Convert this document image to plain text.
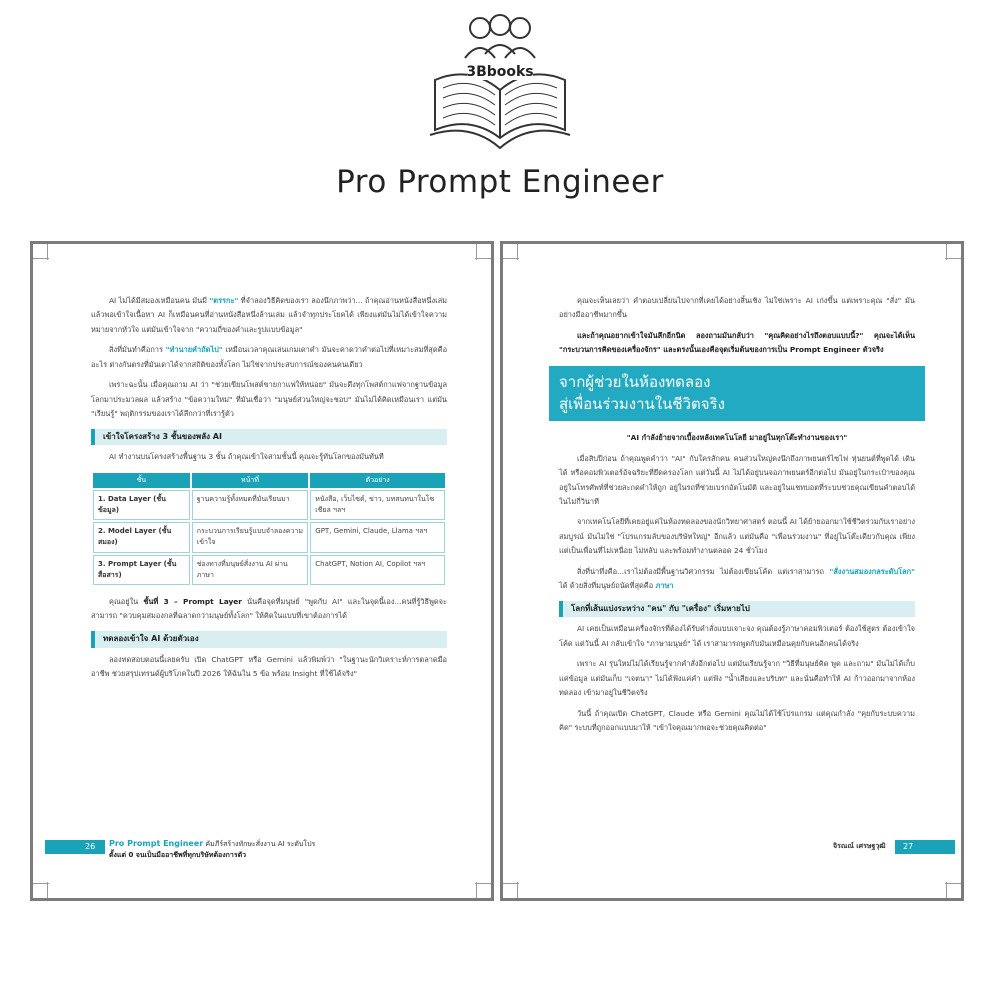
3Bbooks
Pro Prompt Engineer

AI ไม่ได้มีสมองเหมือนคน มันมี "ตรรกะ" ที่จำลองวิธีคิดของเรา ลองนึกภาพว่า... ถ้าคุณอ่านหนังสือหนึ่งเล่มแล้วพอเข้าใจเนื้อหา AI ก็เหมือนคนที่อ่านหนังสือหนึ่งล้านเล่ม แล้วจำทุกประโยคได้ เพียงแต่มันไม่ได้เข้าใจความหมายจากหัวใจ แต่มันเข้าใจจาก "ความถี่ของคำและรูปแบบข้อมูล"

สิ่งที่มันทำคือการ "ทำนายคำถัดไป" เหมือนเวลาคุณเล่นเกมเดาคำ มันจะคาดว่าคำต่อไปที่เหมาะสมที่สุดคืออะไร ต่างกันตรงที่มันเดาได้จากสถิติของทั้งโลก ไม่ใช่จากประสบการณ์ของคนคนเดียว

เพราะฉะนั้น เมื่อคุณถาม AI ว่า "ช่วยเขียนโพสต์ขายกาแฟให้หน่อย" มันจะดึงทุกโพสต์กาแฟจากฐานข้อมูลโลกมาประมวลผล แล้วสร้าง "ข้อความใหม่" ที่มันเชื่อว่า "มนุษย์ส่วนใหญ่จะชอบ" มันไม่ได้คิดเหมือนเรา แต่มัน "เรียนรู้" พฤติกรรมของเราได้ลึกกว่าที่เรารู้ตัว

เข้าใจโครงสร้าง 3 ชั้นของพลัง AI

AI ทำงานบนโครงสร้างพื้นฐาน 3 ชั้น ถ้าคุณเข้าใจสามชั้นนี้ คุณจะรู้ทันโลกของมันทันที

ชั้น	หน้าที่	ตัวอย่าง
1. Data Layer (ชั้นข้อมูล)	ฐานความรู้ทั้งหมดที่มันเรียนมา	หนังสือ, เว็บไซต์, ข่าว, บทสนทนาในโซเชียล ฯลฯ
2. Model Layer (ชั้นสมอง)	กระบวนการเรียนรู้แบบจำลองความเข้าใจ	GPT, Gemini, Claude, Llama ฯลฯ
3. Prompt Layer (ชั้นสื่อสาร)	ช่องทางที่มนุษย์สั่งงาน AI ผ่านภาษา	ChatGPT, Notion AI, Copilot ฯลฯ

คุณอยู่ใน ชั้นที่ 3 – Prompt Layer นั่นคือจุดที่มนุษย์ "พูดกับ AI" และในจุดนี้เอง...คนที่รู้วิธีพูดจะสามารถ "ควบคุมสมองกลที่ฉลาดกว่ามนุษย์ทั้งโลก" ให้คิดในแบบที่เขาต้องการได้

ทดลองเข้าใจ AI ด้วยตัวเอง

ลองทดสอบตอนนี้เลยครับ เปิด ChatGPT หรือ Gemini แล้วพิมพ์ว่า "ในฐานะนักวิเคราะห์การตลาดมืออาชีพ ช่วยสรุปเทรนด์ผู้บริโภคในปี 2026 ให้ฉันใน 5 ข้อ พร้อม Insight ที่ใช้ได้จริง"

26 Pro Prompt Engineer คัมภีร์สร้างทักษะสั่งงาน AI ระดับโปร
ตั้งแต่ 0 จนเป็นมืออาชีพที่ทุกบริษัทต้องการตัว

คุณจะเห็นเลยว่า คำตอบเปลี่ยนไปจากที่เคยได้อย่างสิ้นเชิง ไม่ใช่เพราะ AI เก่งขึ้น แต่เพราะคุณ "สั่ง" มันอย่างมืออาชีพมากขึ้น

และถ้าคุณอยากเข้าใจมันลึกอีกนิด ลองถามมันกลับว่า "คุณคิดอย่างไรถึงตอบแบบนี้?" คุณจะได้เห็น "กระบวนการคิดของเครื่องจักร" และตรงนั้นเองคือจุดเริ่มต้นของการเป็น Prompt Engineer ตัวจริง

จากผู้ช่วยในห้องทดลอง
สู่เพื่อนร่วมงานในชีวิตจริง

"AI กำลังย้ายจากเบื้องหลังเทคโนโลยี มาอยู่ในทุกโต๊ะทำงานของเรา"

เมื่อสิบปีก่อน ถ้าคุณพูดคำว่า "AI" กับใครสักคน คนส่วนใหญ่คงนึกถึงภาพยนตร์ไซไฟ หุ่นยนต์ที่พูดได้ เดินได้ หรือคอมพิวเตอร์อัจฉริยะที่ยึดครองโลก แต่วันนี้ AI ไม่ได้อยู่บนจอภาพยนตร์อีกต่อไป มันอยู่ในกระเป๋าของคุณ อยู่ในโทรศัพท์ที่ช่วยสะกดคำให้ถูก อยู่ในรถที่ช่วยเบรกอัตโนมัติ และอยู่ในแชทบอตที่ระบบช่วยคุณเขียนคำตอบได้ในไม่กี่วินาที

จากเทคโนโลยีที่เคยอยู่แค่ในห้องทดลองของนักวิทยาศาสตร์ ตอนนี้ AI ได้ย้ายออกมาใช้ชีวิตร่วมกับเราอย่างสมบูรณ์ มันไม่ใช่ "โปรแกรมลับของบริษัทใหญ่" อีกแล้ว แต่มันคือ "เพื่อนร่วมงาน" ที่อยู่ในโต๊ะเดียวกับคุณ เพียงแต่เป็นเพื่อนที่ไม่เหนื่อย ไม่หลับ และพร้อมทำงานตลอด 24 ชั่วโมง

สิ่งที่น่าทึ่งคือ...เราไม่ต้องมีพื้นฐานวิศวกรรม ไม่ต้องเขียนโค้ด แต่เราสามารถ "สั่งงานสมองกลระดับโลก" ได้ ด้วยสิ่งที่มนุษย์ถนัดที่สุดคือ ภาษา

โลกที่เส้นแบ่งระหว่าง "คน" กับ "เครื่อง" เริ่มหายไป

AI เคยเป็นเหมือนเครื่องจักรที่ต้องได้รับคำสั่งแบบเจาะจง คุณต้องรู้ภาษาคอมพิวเตอร์ ต้องใช้สูตร ต้องเข้าใจโค้ด แต่วันนี้ AI กลับเข้าใจ "ภาษามนุษย์" ได้ เราสามารถพูดกับมันเหมือนคุยกับคนอีกคนได้จริง

เพราะ AI รุ่นใหม่ไม่ได้เรียนรู้จากคำสั่งอีกต่อไป แต่มันเรียนรู้จาก "วิธีที่มนุษย์คิด พูด และถาม" มันไม่ได้เก็บแค่ข้อมูล แต่มันเก็บ "เจตนา" ไม่ได้ฟังแค่คำ แต่ฟัง "น้ำเสียงและบริบท" และนั่นคือทำให้ AI ก้าวออกมาจากห้องทดลอง เข้ามาอยู่ในชีวิตจริง

วันนี้ ถ้าคุณเปิด ChatGPT, Claude หรือ Gemini คุณไม่ได้ใช้โปรแกรม แต่คุณกำลัง "คุยกับระบบความคิด" ระบบที่ถูกออกแบบมาให้ "เข้าใจคุณมากพอจะช่วยคุณคิดต่อ"

จิรณณ์ เศรษฐวุฒิ 27
